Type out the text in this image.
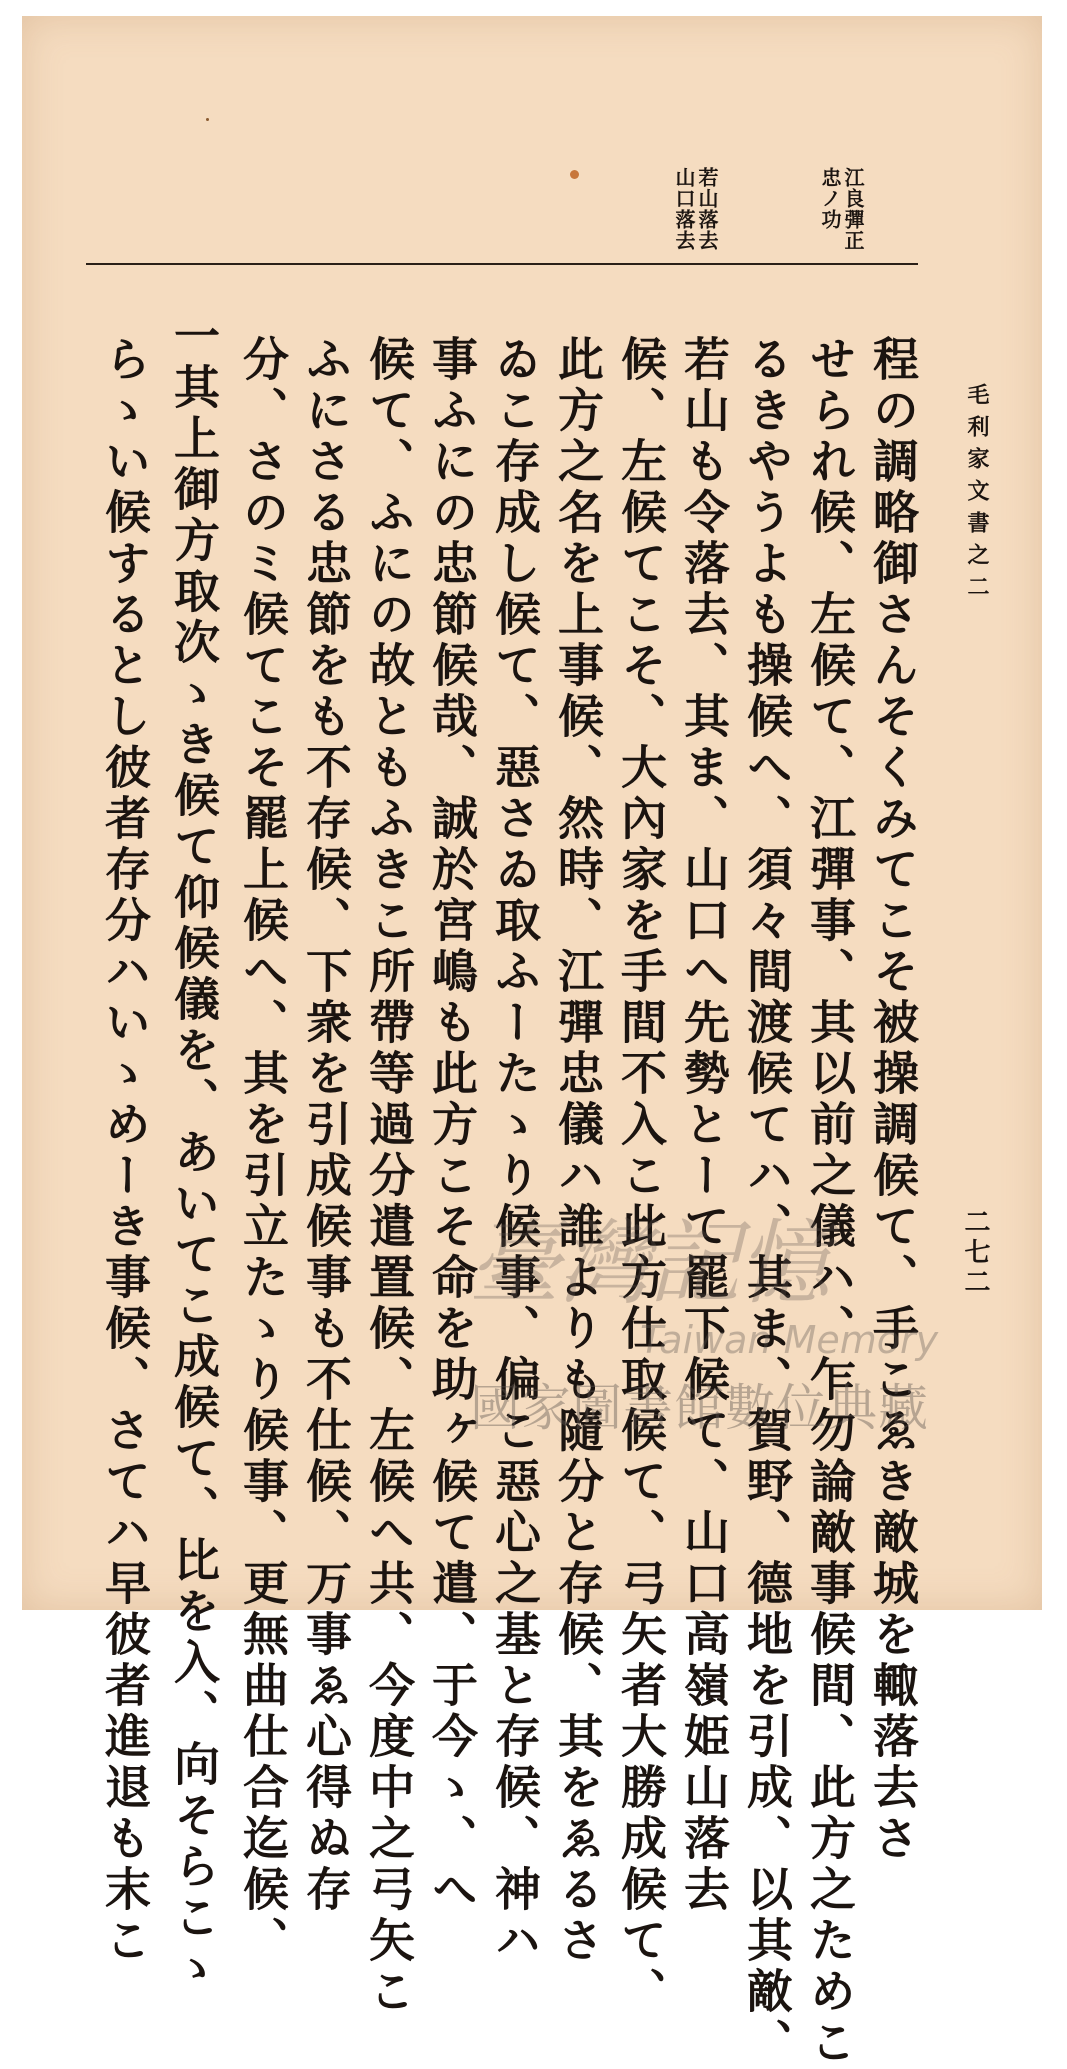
毛利家文書之二
江良彈正
忠ノ功
若山落去
山口落去
二七二
程の調略御さんそくみてこそ被操調候て、手こゑき敵城を輙落去さ
せられ候、左候て、江彈事、其以前之儀ハ、乍勿論敵事候間、此方之ためこ
るきやうよも操候へ、須々間渡候てハ、其ま、賀野、德地を引成、以其敵、
若山も令落去、其ま、山口へ先勢とーて罷下候て、山口高嶺姫山落去
候、左候てこそ、大內家を手間不入こ此方仕取候て、弓矢者大勝成候て、
此方之名を上事候、然時、江彈忠儀ハ誰よりも隨分と存候、其をゑるさ
ゐこ存成し候て、惡さゐ取ふーたゝり候事、偏こ惡心之基と存候、神ハ
事ふにの忠節候哉、誠於宮嶋も此方こそ命を助ヶ候て遣、于今ゝ、へ
候て、ふにの故ともふきこ所帶等過分遣置候、左候へ共、今度中之弓矢こ
ふにさる忠節をも不存候、下衆を引成候事も不仕候、万事ゑ心得ぬ存
分、さのミ候てこそ罷上候へ、其を引立たゝり候事、更無曲仕合迄候、
一其上御方取次ゝき候て仰候儀を、あいてこ成候て、比を入、向そらこゝ
らゝい候するとし彼者存分ハいゝめーき事候、さてハ早彼者進退も末こ	臺灣記憶
Taiwan Memory
國家圖書館數位典藏
